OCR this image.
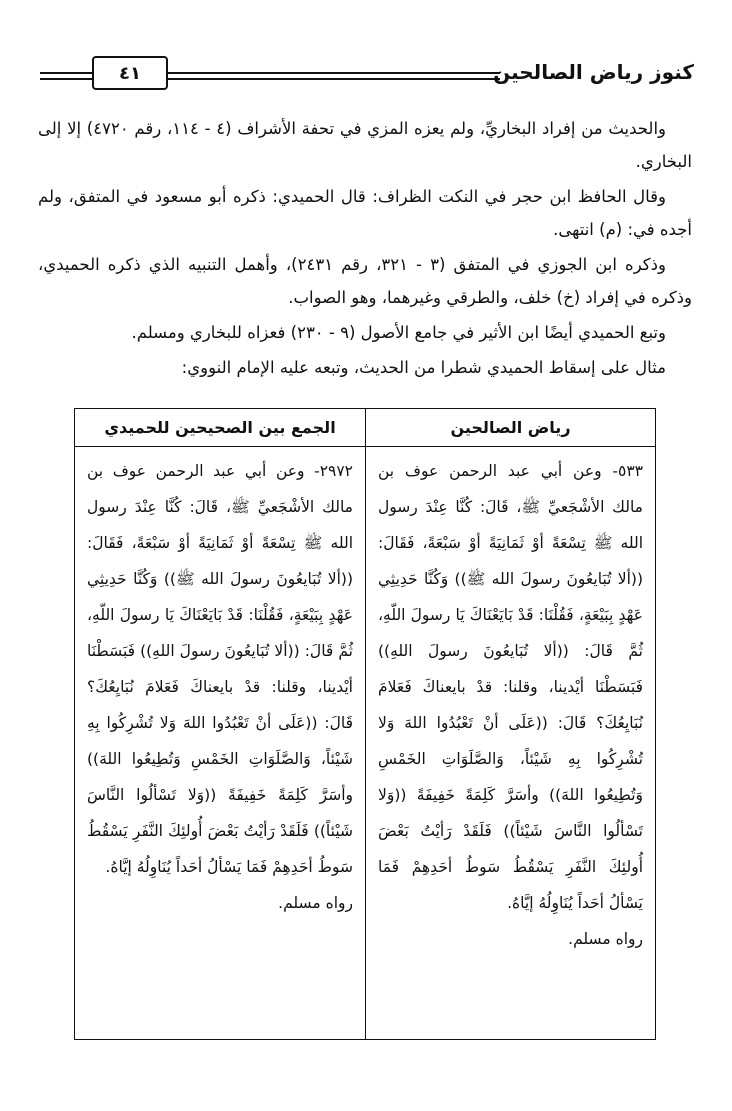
كنوز رياض الصالحين
٤١

والحديث من إفراد البخاريِّ، ولم يعزه المزي في تحفة الأشراف (٤ - ١١٤، رقم ٤٧٢٠) إلا إلى البخاري.

وقال الحافظ ابن حجر في النكت الظراف: قال الحميدي: ذكره أبو مسعود في المتفق، ولم أجده في: (م) انتهى.

وذكره ابن الجوزي في المتفق (٣ - ٣٢١، رقم ٢٤٣١)، وأهمل التنبيه الذي ذكره الحميدي، وذكره في إفراد (خ) خلف، والطرقي وغيرهما، وهو الصواب.

وتبع الحميدي أيضًا ابن الأثير في جامع الأصول (٩ - ٢٣٠) فعزاه للبخاري ومسلم.

مثال على إسقاط الحميدي شطرا من الحديث، وتبعه عليه الإمام النووي:

رياض الصالحين

٥٣٣- وعن أبي عبد الرحمن عوف بن مالك الأشْجَعيِّ ﷺ، قَالَ: كُنَّا عِنْدَ رسول الله ﷺ تِسْعَةً أوْ ثَمَانِيَةً أوْ سَبْعَةً، فَقَالَ: ((ألا تُبَايعُونَ رسولَ الله ﷺ)) وَكُنَّا حَدِيثِي عَهْدٍ بِبَيْعَةٍ، فَقُلْنَا: قَدْ بَايَعْنَاكَ يَا رسولَ اللّهِ، ثُمَّ قَالَ: ((ألا تُبَايعُونَ رسولَ اللهِ)) فَبَسَطْنَا أيْدينا، وقلنا: قدْ بايعناكَ فَعَلامَ نُبَايِعُكَ؟ قَالَ: ((عَلَى أنْ تَعْبُدُوا اللهَ وَلا تُشْرِكُوا بِهِ شَيْئاً، وَالصَّلَوَاتِ الخَمْسِ وَتُطِيعُوا اللهَ)) وأسَرَّ كَلِمَةً خَفِيفَةً ((وَلا تَسْألُوا النَّاسَ شَيْئاً)) فَلَقَدْ رَأيْتُ بَعْضَ أُولئِكَ النَّفَرِ يَسْقُطُ سَوطُ أحَدِهِمْ فَمَا يَسْألُ أحَداً يُنَاوِلُهُ إيَّاهُ.

رواه مسلم.

الجمع بين الصحيحين للحميدي

٢٩٧٢- وعن أبي عبد الرحمن عوف بن مالك الأشْجَعيِّ ﷺ، قَالَ: كُنَّا عِنْدَ رسول الله ﷺ تِسْعَةً أوْ ثَمَانِيَةً أوْ سَبْعَةً، فَقَالَ: ((ألا تُبَايعُونَ رسولَ الله ﷺ)) وَكُنَّا حَدِيثِي عَهْدٍ بِبَيْعَةٍ، فَقُلْنَا: قَدْ بَايَعْنَاكَ يَا رسولَ اللّهِ، ثُمَّ قَالَ: ((ألا تُبَايعُونَ رسولَ اللهِ)) فَبَسَطْنَا أيْدينا، وقلنا: قدْ بايعناكَ فَعَلامَ نُبَايِعُكَ؟ قَالَ: ((عَلَى أنْ تَعْبُدُوا اللهَ وَلا تُشْرِكُوا بِهِ شَيْئاً، وَالصَّلَوَاتِ الخَمْسِ وَتُطِيعُوا اللهَ)) وأسَرَّ كَلِمَةً خَفِيفَةً ((وَلا تَسْألُوا النَّاسَ شَيْئاً)) فَلَقَدْ رَأيْتُ بَعْضَ أُولئِكَ النَّفَرِ يَسْقُطُ سَوطُ أحَدِهِمْ فَمَا يَسْألُ أحَداً يُنَاوِلُهُ إيَّاهُ.

رواه مسلم.
